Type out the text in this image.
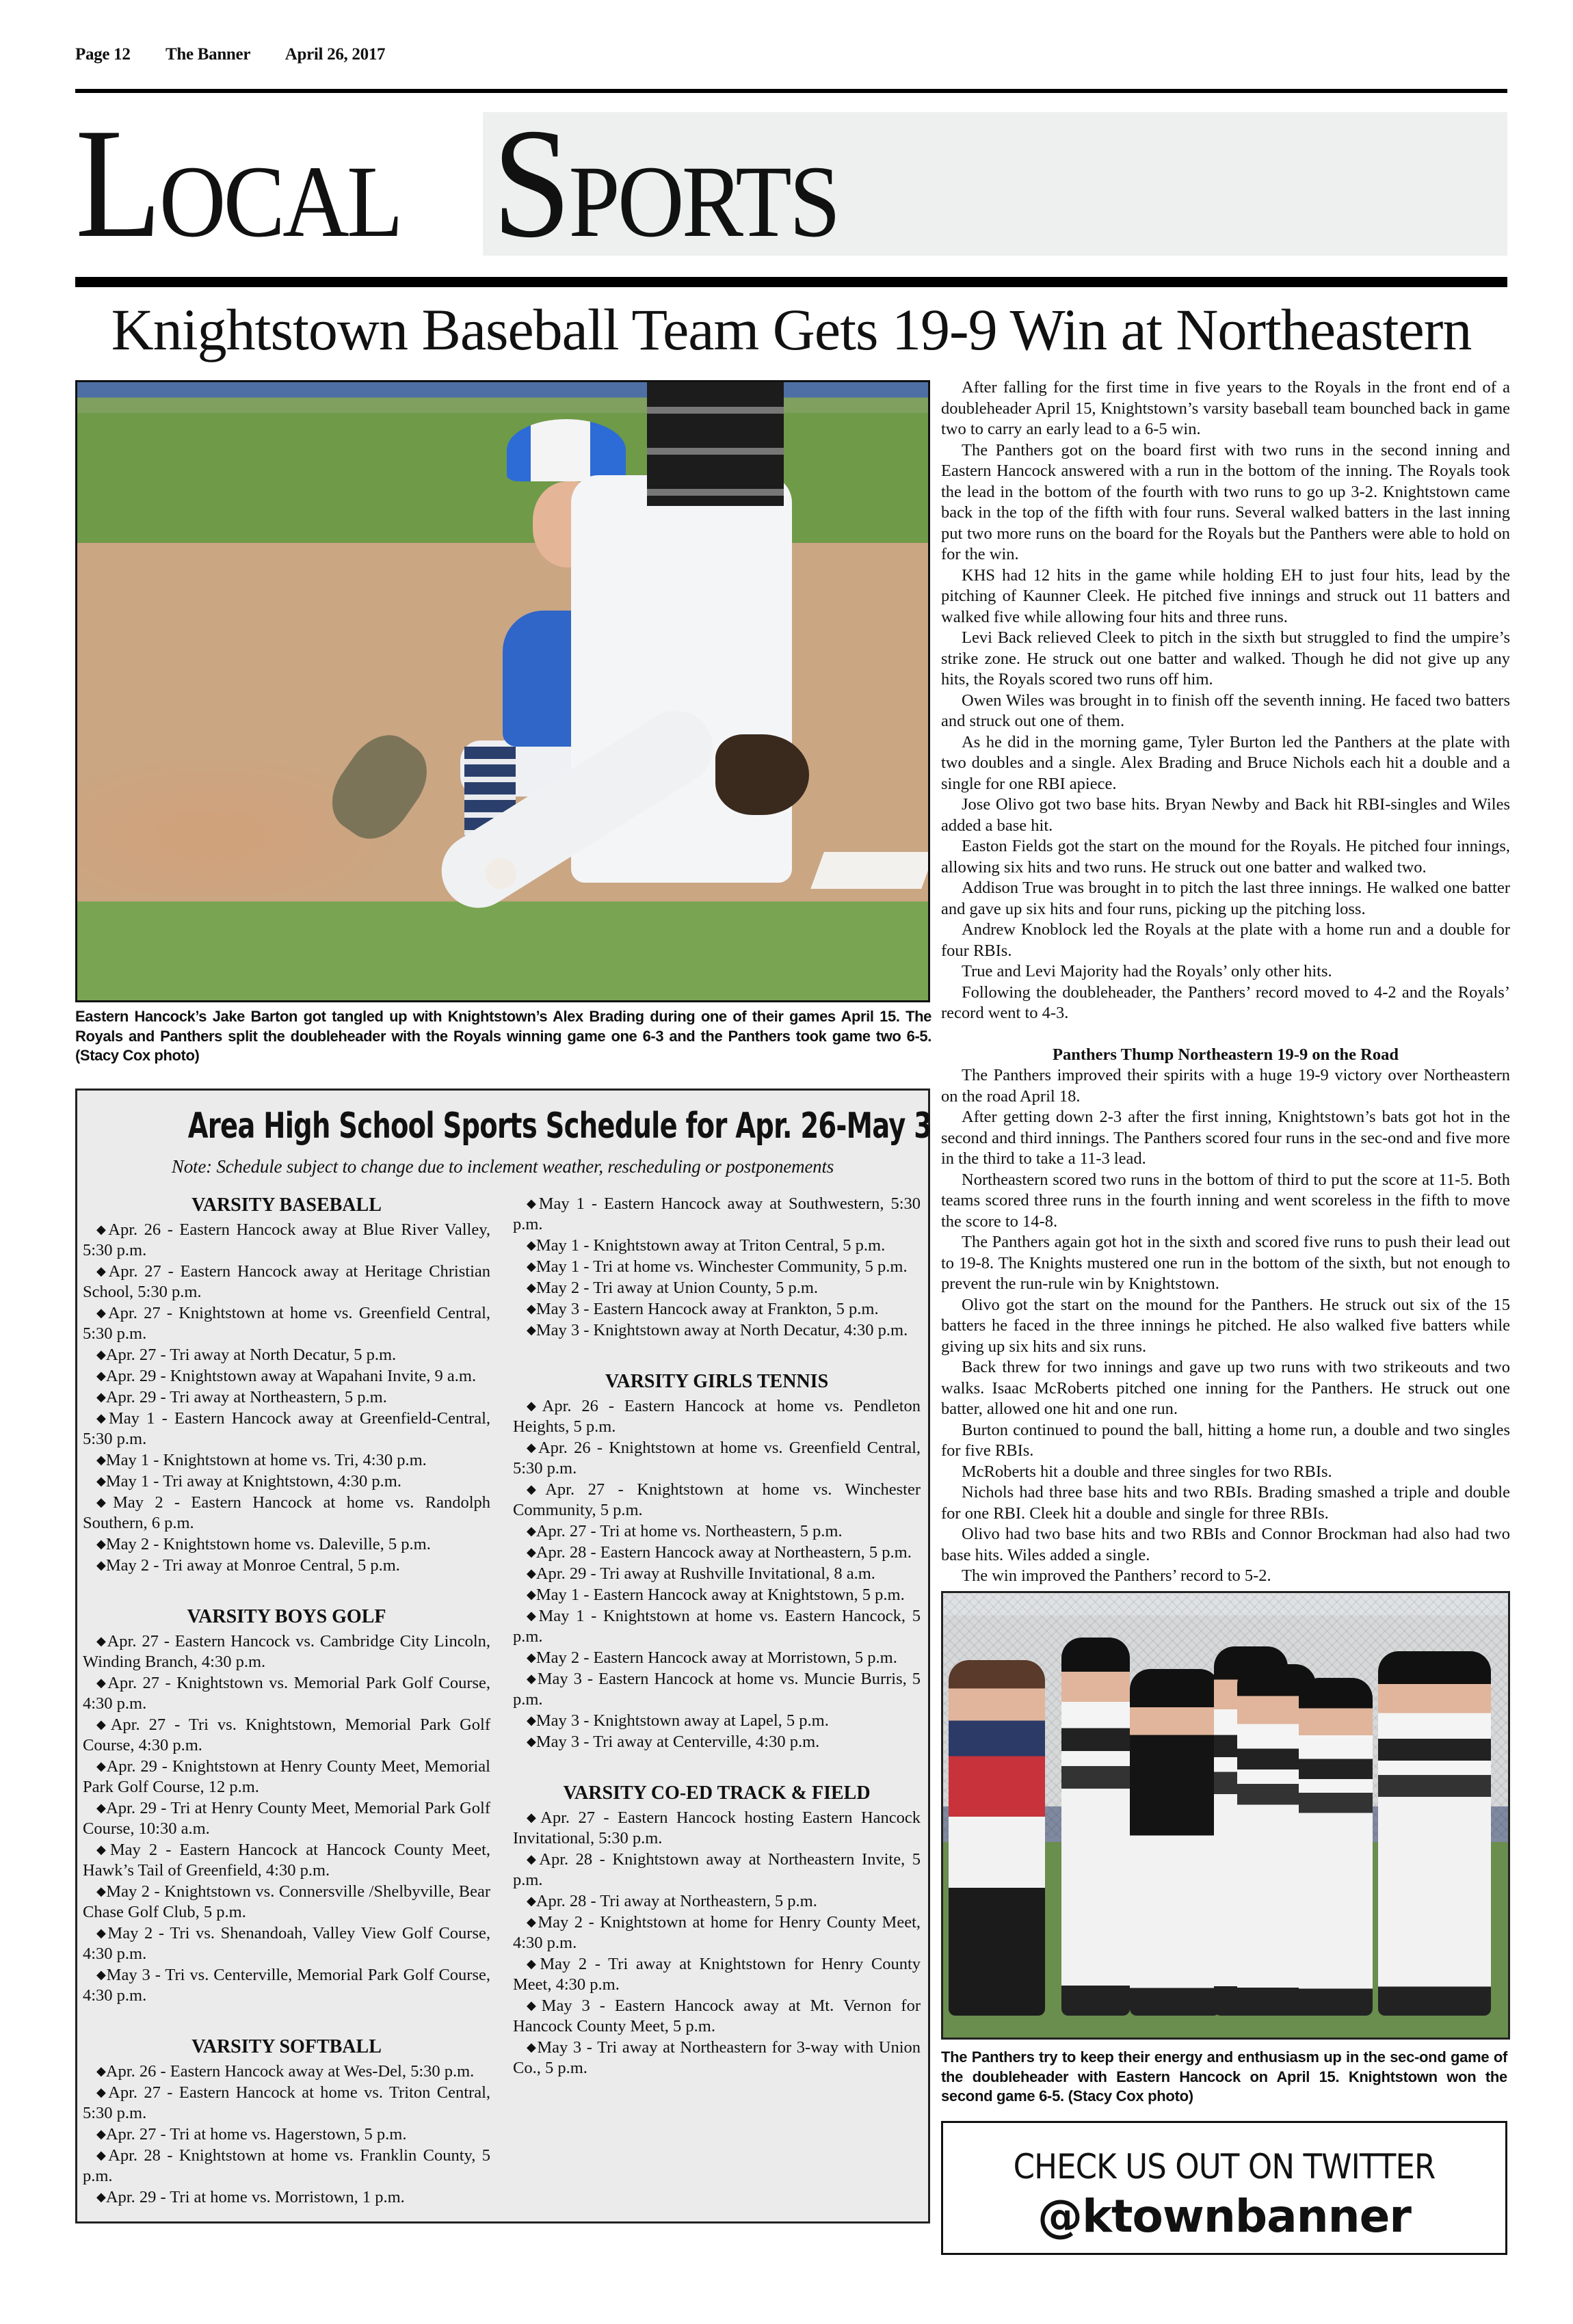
Page 12 The Banner April 26, 2017
LOCAL SPORTS
Knightstown Baseball Team Gets 19-9 Win at Northeastern
Eastern Hancock’s Jake Barton got tangled up with Knightstown’s Alex Brading during one of their games April 15. The Royals and Panthers split the doubleheader with the Royals winning game one 6-3 and the Panthers took game two 6-5. (Stacy Cox photo)
Area High School Sports Schedule for Apr. 26-May 3
Note: Schedule subject to change due to inclement weather, rescheduling or postponements
VARSITY BASEBALL

◆Apr. 26 - Eastern Hancock away at Blue River Valley, 5:30 p.m.

◆Apr. 27 - Eastern Hancock away at Heritage Christian School, 5:30 p.m.

◆Apr. 27 - Knightstown at home vs. Greenfield Central, 5:30 p.m.

◆Apr. 27 - Tri away at North Decatur, 5 p.m.

◆Apr. 29 - Knightstown away at Wapahani Invite, 9 a.m.

◆Apr. 29 - Tri away at Northeastern, 5 p.m.

◆May 1 - Eastern Hancock away at Greenfield-Central, 5:30 p.m.

◆May 1 - Knightstown at home vs. Tri, 4:30 p.m.

◆May 1 - Tri away at Knightstown, 4:30 p.m.

◆May 2 - Eastern Hancock at home vs. Randolph Southern, 6 p.m.

◆May 2 - Knightstown home vs. Daleville, 5 p.m.

◆May 2 - Tri away at Monroe Central, 5 p.m.

VARSITY BOYS GOLF

◆Apr. 27 - Eastern Hancock vs. Cambridge City Lincoln, Winding Branch, 4:30 p.m.

◆Apr. 27 - Knightstown vs. Memorial Park Golf Course, 4:30 p.m.

◆Apr. 27 - Tri vs. Knightstown, Memorial Park Golf Course, 4:30 p.m.

◆Apr. 29 - Knightstown at Henry County Meet, Memorial Park Golf Course, 12 p.m.

◆Apr. 29 - Tri at Henry County Meet, Memorial Park Golf Course, 10:30 a.m.

◆May 2 - Eastern Hancock at Hancock County Meet, Hawk’s Tail of Greenfield, 4:30 p.m.

◆May 2 - Knightstown vs. Connersville /Shelbyville, Bear Chase Golf Club, 5 p.m.

◆May 2 - Tri vs. Shenandoah, Valley View Golf Course, 4:30 p.m.

◆May 3 - Tri vs. Centerville, Memorial Park Golf Course, 4:30 p.m.

VARSITY SOFTBALL

◆Apr. 26 - Eastern Hancock away at Wes-Del, 5:30 p.m.

◆Apr. 27 - Eastern Hancock at home vs. Triton Central, 5:30 p.m.

◆Apr. 27 - Tri at home vs. Hagerstown, 5 p.m.

◆Apr. 28 - Knightstown at home vs. Franklin County, 5 p.m.

◆Apr. 29 - Tri at home vs. Morristown, 1 p.m.

◆May 1 - Eastern Hancock away at Southwestern, 5:30 p.m.

◆May 1 - Knightstown away at Triton Central, 5 p.m.

◆May 1 - Tri at home vs. Winchester Community, 5 p.m.

◆May 2 - Tri away at Union County, 5 p.m.

◆May 3 - Eastern Hancock away at Frankton, 5 p.m.

◆May 3 - Knightstown away at North Decatur, 4:30 p.m.

VARSITY GIRLS TENNIS

◆Apr. 26 - Eastern Hancock at home vs. Pendleton Heights, 5 p.m.

◆Apr. 26 - Knightstown at home vs. Greenfield Central, 5:30 p.m.

◆Apr. 27 - Knightstown at home vs. Winchester Community, 5 p.m.

◆Apr. 27 - Tri at home vs. Northeastern, 5 p.m.

◆Apr. 28 - Eastern Hancock away at Northeastern, 5 p.m.

◆Apr. 29 - Tri away at Rushville Invitational, 8 a.m.

◆May 1 - Eastern Hancock away at Knightstown, 5 p.m.

◆May 1 - Knightstown at home vs. Eastern Hancock, 5 p.m.

◆May 2 - Eastern Hancock away at Morristown, 5 p.m.

◆May 3 - Eastern Hancock at home vs. Muncie Burris, 5 p.m.

◆May 3 - Knightstown away at Lapel, 5 p.m.

◆May 3 - Tri away at Centerville, 4:30 p.m.

VARSITY CO-ED TRACK & FIELD

◆Apr. 27 - Eastern Hancock hosting Eastern Hancock Invitational, 5:30 p.m.

◆Apr. 28 - Knightstown away at Northeastern Invite, 5 p.m.

◆Apr. 28 - Tri away at Northeastern, 5 p.m.

◆May 2 - Knightstown at home for Henry County Meet, 4:30 p.m.

◆May 2 - Tri away at Knightstown for Henry County Meet, 4:30 p.m.

◆May 3 - Eastern Hancock away at Mt. Vernon for Hancock County Meet, 5 p.m.

◆May 3 - Tri away at Northeastern for 3-way with Union Co., 5 p.m.

After falling for the first time in five years to the Royals in the front end of a doubleheader April 15, Knightstown’s varsity baseball team bounched back in game two to carry an early lead to a 6-5 win.

The Panthers got on the board first with two runs in the second inning and Eastern Hancock answered with a run in the bottom of the inning. The Royals took the lead in the bottom of the fourth with two runs to go up 3-2. Knightstown came back in the top of the fifth with four runs. Several walked batters in the last inning put two more runs on the board for the Royals but the Panthers were able to hold on for the win.

KHS had 12 hits in the game while holding EH to just four hits, lead by the pitching of Kaunner Cleek. He pitched five innings and struck out 11 batters and walked five while allowing four hits and three runs.

Levi Back relieved Cleek to pitch in the sixth but struggled to find the umpire’s strike zone. He struck out one batter and walked. Though he did not give up any hits, the Royals scored two runs off him.

Owen Wiles was brought in to finish off the seventh inning. He faced two batters and struck out one of them.

As he did in the morning game, Tyler Burton led the Panthers at the plate with two doubles and a single. Alex Brading and Bruce Nichols each hit a double and a single for one RBI apiece.

Jose Olivo got two base hits. Bryan Newby and Back hit RBI-singles and Wiles added a base hit.

Easton Fields got the start on the mound for the Royals. He pitched four innings, allowing six hits and two runs. He struck out one batter and walked two.

Addison True was brought in to pitch the last three innings. He walked one batter and gave up six hits and four runs, picking up the pitching loss.

Andrew Knoblock led the Royals at the plate with a home run and a double for four RBIs.

True and Levi Majority had the Royals’ only other hits.

Following the doubleheader, the Panthers’ record moved to 4-2 and the Royals’ record went to 4-3.

Panthers Thump Northeastern 19-9 on the Road

The Panthers improved their spirits with a huge 19-9 victory over Northeastern on the road April 18.

After getting down 2-3 after the first inning, Knightstown’s bats got hot in the second and third innings. The Panthers scored four runs in the sec-ond and five more in the third to take a 11-3 lead.

Northeastern scored two runs in the bottom of third to put the score at 11-5. Both teams scored three runs in the fourth inning and went scoreless in the fifth to move the score to 14-8.

The Panthers again got hot in the sixth and scored five runs to push their lead out to 19-8. The Knights mustered one run in the bottom of the sixth, but not enough to prevent the run-rule win by Knightstown.

Olivo got the start on the mound for the Panthers. He struck out six of the 15 batters he faced in the three innings he pitched. He also walked five batters while giving up six hits and six runs.

Back threw for two innings and gave up two runs with two strikeouts and two walks. Isaac McRoberts pitched one inning for the Panthers. He struck out one batter, allowed one hit and one run.

Burton continued to pound the ball, hitting a home run, a double and two singles for five RBIs.

McRoberts hit a double and three singles for two RBIs.

Nichols had three base hits and two RBIs. Brading smashed a triple and double for one RBI. Cleek hit a double and single for three RBIs.

Olivo had two base hits and two RBIs and Connor Brockman had also had two base hits. Wiles added a single.

The win improved the Panthers’ record to 5-2.

The Panthers try to keep their energy and enthusiasm up in the sec-ond game of the doubleheader with Eastern Hancock on April 15. Knightstown won the second game 6-5. (Stacy Cox photo)
CHECK US OUT ON TWITTER
@ktownbanner
